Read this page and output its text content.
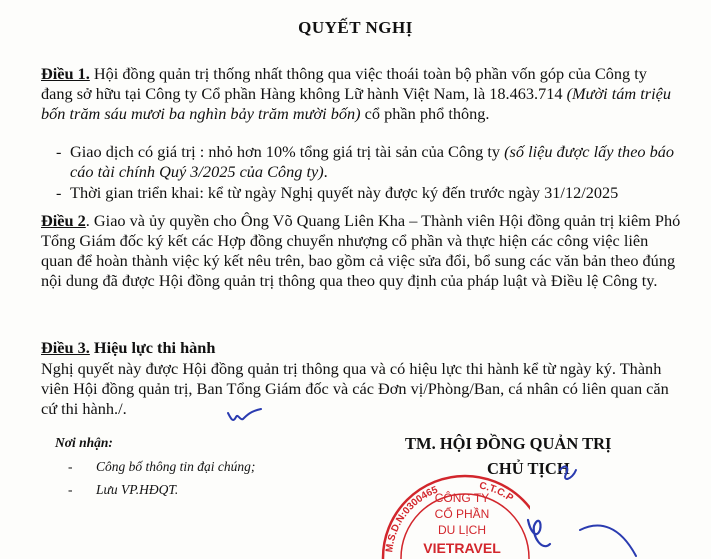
QUYẾT NGHỊ
Điều 1. Hội đồng quản trị thống nhất thông qua việc thoái toàn bộ phần vốn góp của Công ty đang sở hữu tại Công ty Cổ phần Hàng không Lữ hành Việt Nam, là 18.463.714 (Mười tám triệu bốn trăm sáu mươi ba nghìn bảy trăm mười bốn) cổ phần phổ thông.
- Giao dịch có giá trị : nhỏ hơn 10% tổng giá trị tài sản của Công ty (số liệu được lấy theo báo cáo tài chính Quý 3/2025 của Công ty).
- Thời gian triển khai: kể từ ngày Nghị quyết này được ký đến trước ngày 31/12/2025
Điều 2. Giao và ủy quyền cho Ông Võ Quang Liên Kha – Thành viên Hội đồng quản trị kiêm Phó Tổng Giám đốc ký kết các Hợp đồng chuyển nhượng cổ phần và thực hiện các công việc liên quan để hoàn thành việc ký kết nêu trên, bao gồm cả việc sửa đổi, bổ sung các văn bản theo đúng nội dung đã được Hội đồng quản trị thông qua theo quy định của pháp luật và Điều lệ Công ty.
Điều 3. Hiệu lực thi hành
Nghị quyết này được Hội đồng quản trị thông qua và có hiệu lực thi hành kể từ ngày ký. Thành viên Hội đồng quản trị, Ban Tổng Giám đốc và các Đơn vị/Phòng/Ban, cá nhân có liên quan căn cứ thi hành./.
Nơi nhận:
- Công bố thông tin đại chúng;
- Lưu VP.HĐQT.
M.S.D.N:0300465	C.T.C.P
CÔNG TY
CỔ PHẦN
DU LỊCH
VIETRAVEL
TM. HỘI ĐỒNG QUẢN TRỊ
CHỦ TỊCH
